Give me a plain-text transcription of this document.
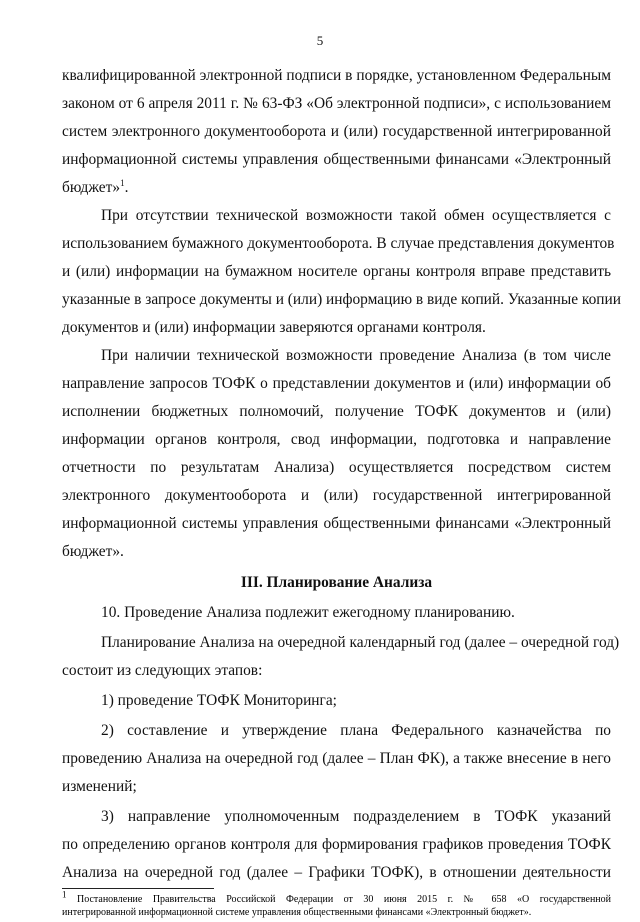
5
квалифицированной электронной подписи в порядке, установленном Федеральным
законом от 6 апреля 2011 г. № 63-ФЗ «Об электронной подписи», с использованием
систем электронного документооборота и (или) государственной интегрированной
информационной системы управления общественными финансами «Электронный
бюджет»$^1$.
При отсутствии технической возможности такой обмен осуществляется с
использованием бумажного документооборота. В случае представления документов
и (или) информации на бумажном носителе органы контроля вправе представить
указанные в запросе документы и (или) информацию в виде копий. Указанные копии
документов и (или) информации заверяются органами контроля.
При наличии технической возможности проведение Анализа (в том числе
направление запросов ТОФК о представлении документов и (или) информации об
исполнении бюджетных полномочий, получение ТОФК документов и (или)
информации органов контроля, свод информации, подготовка и направление
отчетности по результатам Анализа) осуществляется посредством систем
электронного документооборота и (или) государственной интегрированной
информационной системы управления общественными финансами «Электронный
бюджет».
III. Планирование Анализа
10. Проведение Анализа подлежит ежегодному планированию.
Планирование Анализа на очередной календарный год (далее – очередной год)
состоит из следующих этапов:
1) проведение ТОФК Мониторинга;
2) составление и утверждение плана Федерального казначейства по
проведению Анализа на очередной год (далее – План ФК), а также внесение в него
изменений;
3) направление уполномоченным подразделением в ТОФК указаний
по определению органов контроля для формирования графиков проведения ТОФК
Анализа на очередной год (далее – Графики ТОФК), в отношении деятельности
$^1$ Постановление Правительства Российской Федерации от 30 июня 2015 г. № 658 «О государственной
интегрированной информационной системе управления общественными финансами «Электронный бюджет».
